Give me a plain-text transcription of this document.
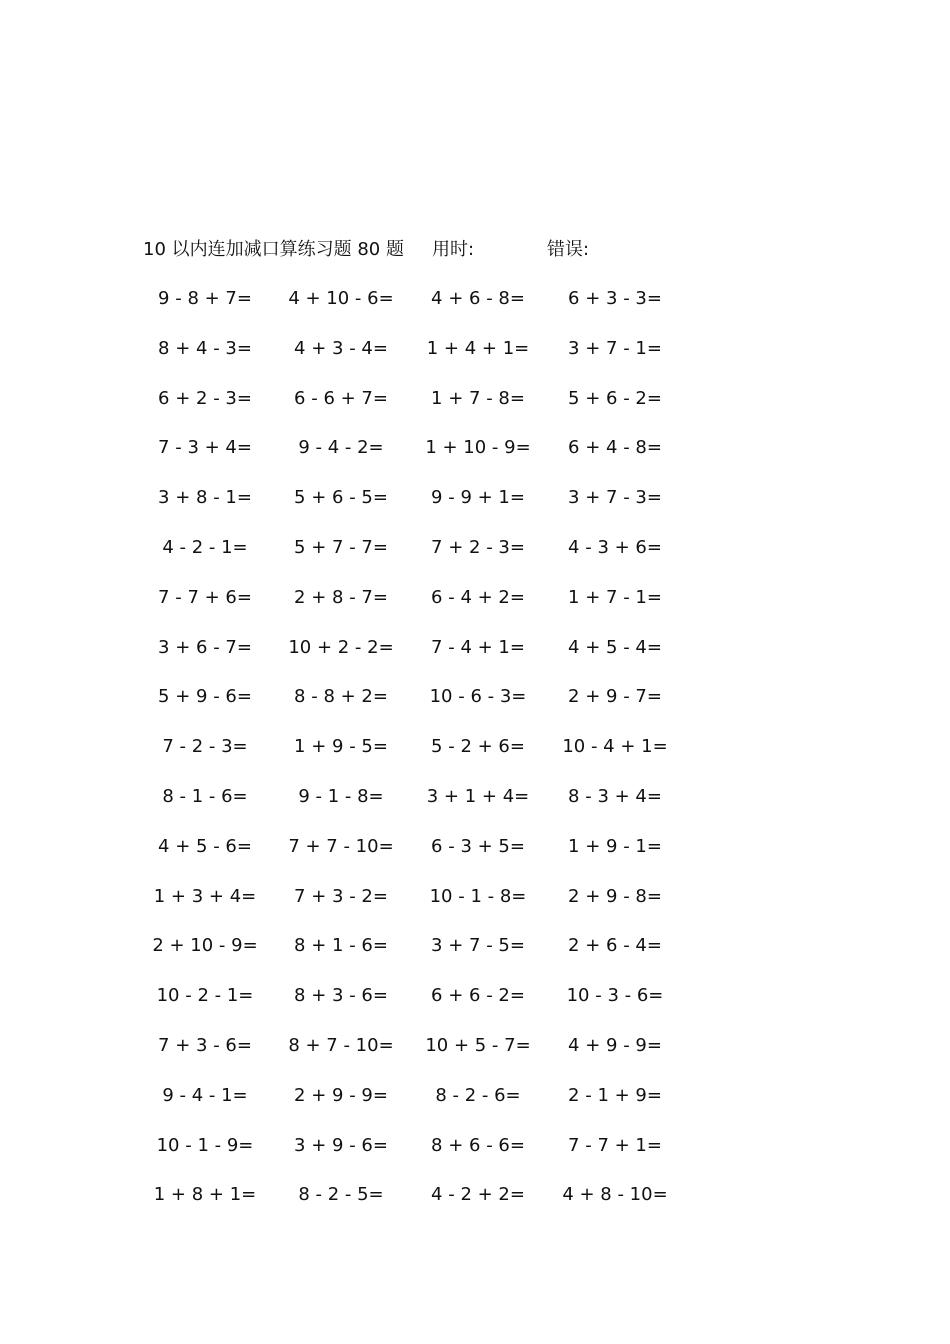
10 以内连加减口算练习题 80 题 用时:	错误:
9 - 8 + 7=	4 + 10 - 6=	4 + 6 - 8=	6 + 3 - 3=
8 + 4 - 3=	4 + 3 - 4=	1 + 4 + 1=	3 + 7 - 1=
6 + 2 - 3=	6 - 6 + 7=	1 + 7 - 8=	5 + 6 - 2=
7 - 3 + 4=	9 - 4 - 2=	1 + 10 - 9=	6 + 4 - 8=
3 + 8 - 1=	5 + 6 - 5=	9 - 9 + 1=	3 + 7 - 3=
4 - 2 - 1=	5 + 7 - 7=	7 + 2 - 3=	4 - 3 + 6=
7 - 7 + 6=	2 + 8 - 7=	6 - 4 + 2=	1 + 7 - 1=
3 + 6 - 7=	10 + 2 - 2=	7 - 4 + 1=	4 + 5 - 4=
5 + 9 - 6=	8 - 8 + 2=	10 - 6 - 3=	2 + 9 - 7=
7 - 2 - 3=	1 + 9 - 5=	5 - 2 + 6=	10 - 4 + 1=
8 - 1 - 6=	9 - 1 - 8=	3 + 1 + 4=	8 - 3 + 4=
4 + 5 - 6=	7 + 7 - 10=	6 - 3 + 5=	1 + 9 - 1=
1 + 3 + 4=	7 + 3 - 2=	10 - 1 - 8=	2 + 9 - 8=
2 + 10 - 9=	8 + 1 - 6=	3 + 7 - 5=	2 + 6 - 4=
10 - 2 - 1=	8 + 3 - 6=	6 + 6 - 2=	10 - 3 - 6=
7 + 3 - 6=	8 + 7 - 10=	10 + 5 - 7=	4 + 9 - 9=
9 - 4 - 1=	2 + 9 - 9=	8 - 2 - 6=	2 - 1 + 9=
10 - 1 - 9=	3 + 9 - 6=	8 + 6 - 6=	7 - 7 + 1=
1 + 8 + 1=	8 - 2 - 5=	4 - 2 + 2=	4 + 8 - 10=
